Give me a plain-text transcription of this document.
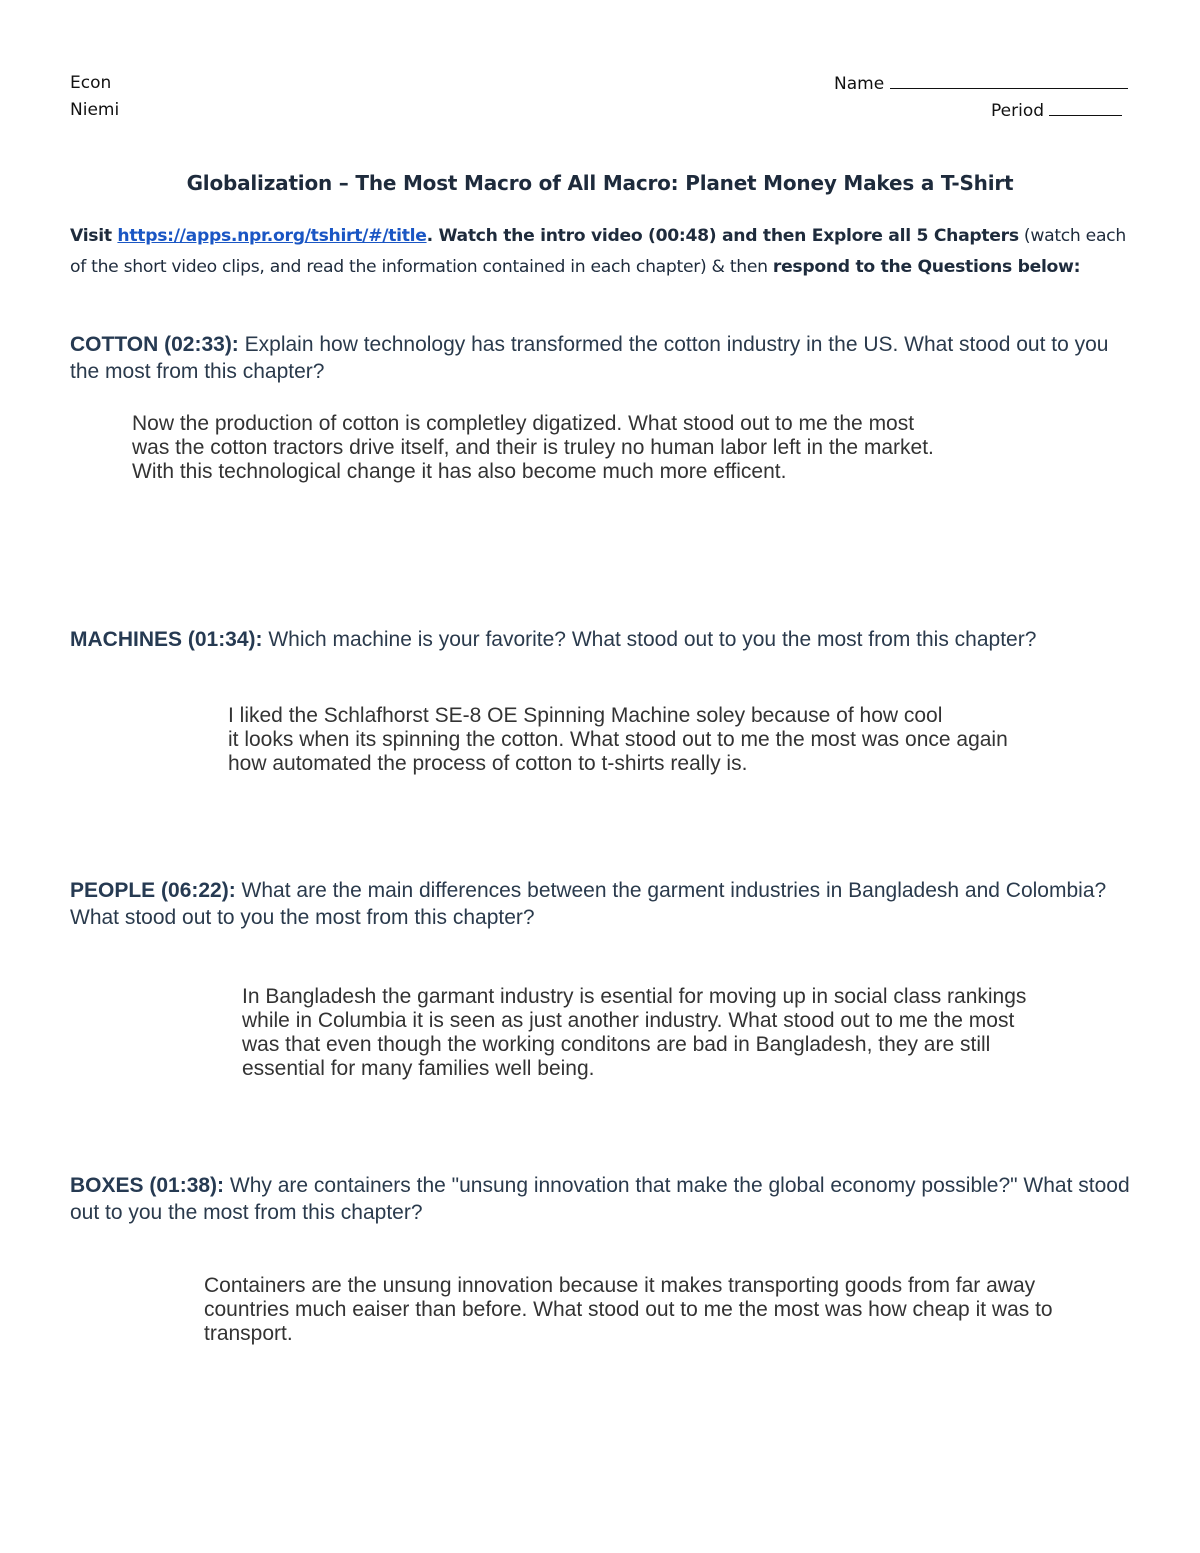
Econ
Niemi
Name
Period
Globalization – The Most Macro of All Macro: Planet Money Makes a T-Shirt
Visit https://apps.npr.org/tshirt/#/title. Watch the intro video (00:48) and then Explore all 5 Chapters (watch each of the short video clips, and read the information contained in each chapter) & then respond to the Questions below:
COTTON (02:33): Explain how technology has transformed the cotton industry in the US. What stood out to you the most from this chapter?
Now the production of cotton is completley digatized. What stood out to me the most
was the cotton tractors drive itself, and their is truley no human labor left in the market.
With this technological change it has also become much more efficent.
MACHINES (01:34): Which machine is your favorite? What stood out to you the most from this chapter?
I liked the Schlafhorst SE-8 OE Spinning Machine soley because of how cool
it looks when its spinning the cotton. What stood out to me the most was once again
how automated the process of cotton to t-shirts really is.
PEOPLE (06:22): What are the main differences between the garment industries in Bangladesh and Colombia? What stood out to you the most from this chapter?
In Bangladesh the garmant industry is esential for moving up in social class rankings
while in Columbia it is seen as just another industry. What stood out to me the most
was that even though the working conditons are bad in Bangladesh, they are still
essential for many families well being.
BOXES (01:38): Why are containers the "unsung innovation that make the global economy possible?" What stood out to you the most from this chapter?
Containers are the unsung innovation because it makes transporting goods from far away
countries much eaiser than before. What stood out to me the most was how cheap it was to
transport.
